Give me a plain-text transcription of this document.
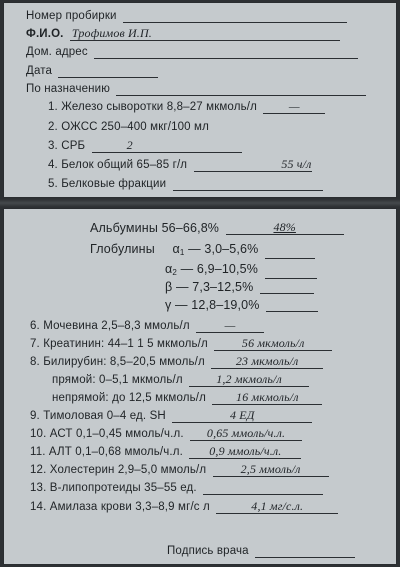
Номер пробирки
Ф.И.О. Трофимов И.П.
Дом. адрес
Дата
По назначению
1. Железо сыворотки 8,8–27 мкмоль/л	—
2. ОЖСС 250–400 мкг/100 мл
3. СРБ	2
4. Белок общий 65–85 г/л	55 ч/л
5. Белковые фракции
Альбумины 56–66,8%	48%
Глобулины $\alpha_1$ — 3,0–5,6%
$\alpha_2$ — 6,9–10,5%
β — 7,3–12,5%
γ — 12,8–19,0%
6. Мочевина 2,5–8,3 ммоль/л	—
7. Креатинин: 44–1 1 5 мкмоль/л	56 мкмоль/л
8. Билирубин: 8,5–20,5 ммоль/л	23 мкмоль/л
прямой: 0–5,1 мкмоль/л	1,2 мкмоль/л
непрямой: до 12,5 мкмоль/л	16 мкмоль/л
9. Тимоловая 0–4 ед. SH	4 ЕД
10. АСТ 0,1–0,45 ммоль/ч.л.	0,65 ммоль/ч.л.
11. АЛТ 0,1–0,68 ммоль/ч.л.	0,9 ммоль/ч.л.
12. Холестерин 2,9–5,0 ммоль/л	2,5 ммоль/л
13. В-липопротеиды 35–55 ед.
14. Амилаза крови 3,3–8,9 мг/с л	4,1 мг/с.л.
Подпись врача
